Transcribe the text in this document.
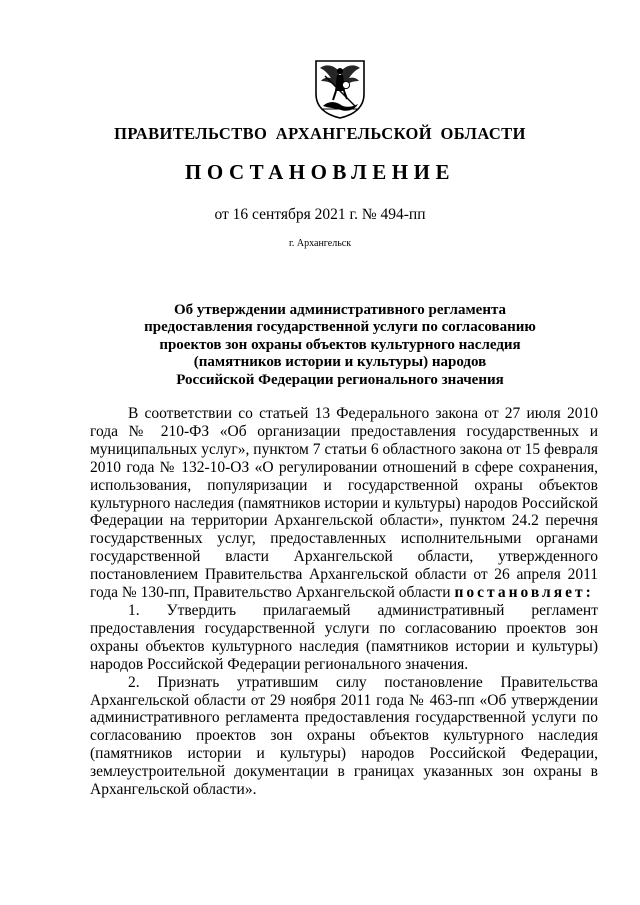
ПРАВИТЕЛЬСТВО АРХАНГЕЛЬСКОЙ ОБЛАСТИ
ПОСТАНОВЛЕНИЕ
от 16 сентября 2021 г. № 494-пп
г. Архангельск
Об утверждении административного регламента
предоставления государственной услуги по согласованию
проектов зон охраны объектов культурного наследия
(памятников истории и культуры) народов
Российской Федерации регионального значения

В соответствии со статьей 13 Федерального закона от 27 июля 2010 года № 210-ФЗ «Об организации предоставления государственных и муниципальных услуг», пунктом 7 статьи 6 областного закона от 15 февраля 2010 года № 132-10-ОЗ «О регулировании отношений в сфере сохранения, использования, популяризации и государственной охраны объектов культурного наследия (памятников истории и культуры) народов Российской Федерации на территории Архангельской области», пунктом 24.2 перечня государственных услуг, предоставленных исполнительными органами государственной власти Архангельской области, утвержденного постановлением Правительства Архангельской области от 26 апреля 2011 года № 130-пп, Правительство Архангельской области постановляет:

1. Утвердить прилагаемый административный регламент предоставления государственной услуги по согласованию проектов зон охраны объектов культурного наследия (памятников истории и культуры) народов Российской Федерации регионального значения.

2. Признать утратившим силу постановление Правительства Архангельской области от 29 ноября 2011 года № 463-пп «Об утверждении административного регламента предоставления государственной услуги по согласованию проектов зон охраны объектов культурного наследия (памятников истории и культуры) народов Российской Федерации, землеустроительной документации в границах указанных зон охраны в Архангельской области».
